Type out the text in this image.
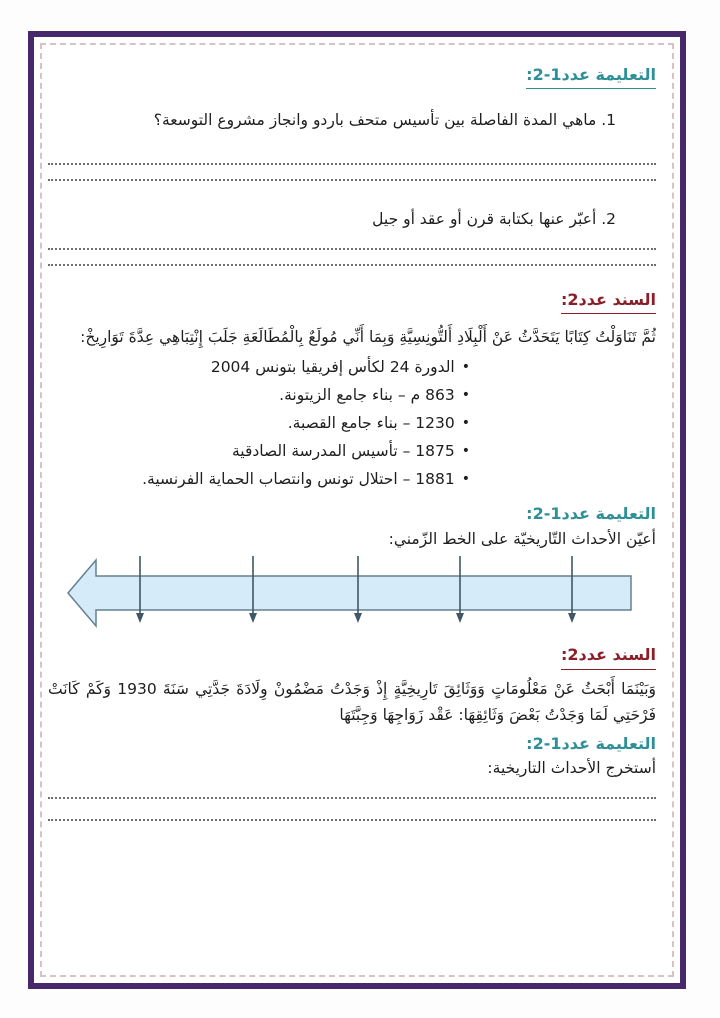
التعليمة عدد1-2:

1. ماهي المدة الفاصلة بين تأسيس متحف باردو وانجاز مشروع التوسعة؟

2. أعبّر عنها بكتابة قرن أو عقد أو جيل

السند عدد2:

ثُمَّ تَنَاوَلْتُ كِتَابًا يَتَحَدَّثُ عَنْ أَلْبِلَادِ أَلتُّونِسِيَّةِ وَبِمَا أَنِّي مُولَعٌ بِالْمُطَالَعَةِ جَلَبَ إِنْتِبَاهِي عِدَّةَ تَوَارِيخْ:

•الدورة 24 لكأس إفريقيا بتونس 2004
•863 م – بناء جامع الزيتونة.
•1230 – بناء جامع القصبة.
•1875 – تأسيس المدرسة الصادقية
•1881 – احتلال تونس وانتصاب الحماية الفرنسية.
التعليمة عدد1-2:

أعيّن الأحداث التّاريخيّة على الخط الزّمني:

السند عدد2:

وَبَيْنَمَا أَبْحَثُ عَنْ مَعْلُومَاتٍ وَوَثَائِقَ تَارِيخِيَّةٍ إِذْ وَجَدْتُ مَضْمُونْ وِلَادَةَ جَدَّتِي سَنَةَ 1930 وَكَمْ كَانَتْ فَرْحَتِي لَمَا وَجَدْتُ بَعْضَ وَثَائِقِهَا: عَقْد زَوَاجِهَا وَجِبَّتَهَا

التعليمة عدد1-2:

أستخرج الأحداث التاريخية:
